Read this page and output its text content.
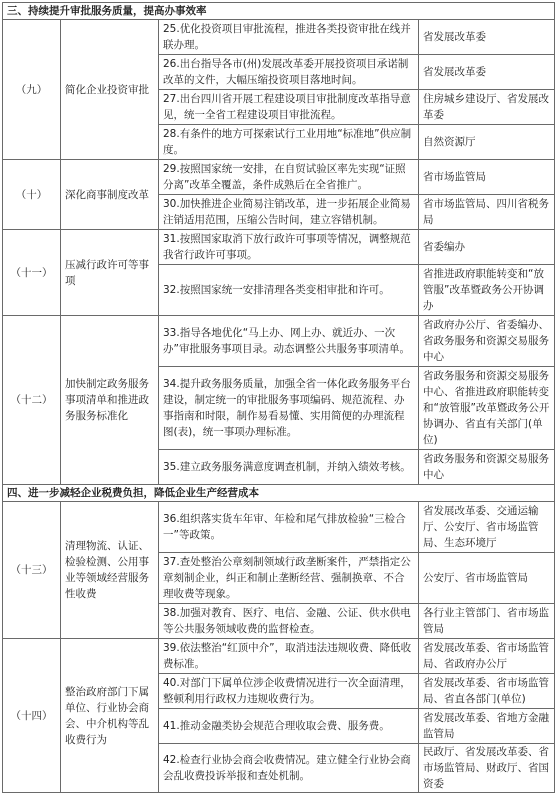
三、持续提升审批服务质量，提高办事效率			
（九）	简化企业投资审批	25.优化投资项目审批流程，推进各类投资审批在线并联办理。	省发展改革委
		26.出台指导各市(州)发展改革委开展投资项目承诺制改革的文件，大幅压缩投资项目落地时间。	省发展改革委
		27.出台四川省开展工程建设项目审批制度改革指导意见，统一全省工程建设项目审批流程。	住房城乡建设厅、省发展改革委
		28.有条件的地方可探索试行工业用地“标准地”供应制度。	自然资源厅
（十）	深化商事制度改革	29.按照国家统一安排，在自贸试验区率先实现“证照分离”改革全覆盖，条件成熟后在全省推广。	省市场监管局
		30.加快推进企业简易注销改革，进一步拓展企业简易注销适用范围，压缩公告时间，建立容错机制。	省市场监管局、四川省税务局
（十一）	压减行政许可等事项	31.按照国家取消下放行政许可事项等情况，调整规范我省行政许可事项。	省委编办
		32.按照国家统一安排清理各类变相审批和许可。	省推进政府职能转变和“放管服”改革暨政务公开协调办
（十二）	加快制定政务服务事项清单和推进政务服务标准化	33.指导各地优化“马上办、网上办、就近办、一次办”审批服务事项目录。动态调整公共服务事项清单。	省政府办公厅、省委编办、省政务服务和资源交易服务中心
		34.提升政务服务质量，加强全省一体化政务服务平台建设，制定统一的审批服务事项编码、规范流程、办事指南和时限，制作易看易懂、实用简便的办理流程图(表)，统一事项办理标准。	省政务服务和资源交易服务中心、省推进政府职能转变和“放管服”改革暨政务公开协调办、省直有关部门(单位)
		35.建立政务服务满意度调查机制，并纳入绩效考核。	省政务服务和资源交易服务中心
四、进一步减轻企业税费负担，降低企业生产经营成本			
（十三）	清理物流、认证、检验检测、公用事业等领域经营服务性收费	36.组织落实货车年审、年检和尾气排放检验“三检合一”等政策。	省发展改革委、交通运输厅、公安厅、省市场监管局、生态环境厅
		37.查处整治公章刻制领域行政垄断案件，严禁指定公章刻制企业，纠正和制止垄断经营、强制换章、不合理收费等现象。	公安厅、省市场监管局
		38.加强对教育、医疗、电信、金融、公证、供水供电等公共服务领域收费的监督检查。	各行业主管部门、省市场监管局
（十四）	整治政府部门下属单位、行业协会商会、中介机构等乱收费行为	39.依法整治“红顶中介”，取消违法违规收费、降低收费标准。	省发展改革委、省市场监管局、省政府办公厅
		40.对部门下属单位涉企收费情况进行一次全面清理，整顿利用行政权力违规收费行为。	省发展改革委、省市场监管局、省直各部门(单位)
		41.推动金融类协会规范合理收取会费、服务费。	省发展改革委、省地方金融监管局
		42.检查行业协会商会收费情况。建立健全行业协会商会乱收费投诉举报和查处机制。	民政厅、省发展改革委、省市场监管局、财政厅、省国资委
